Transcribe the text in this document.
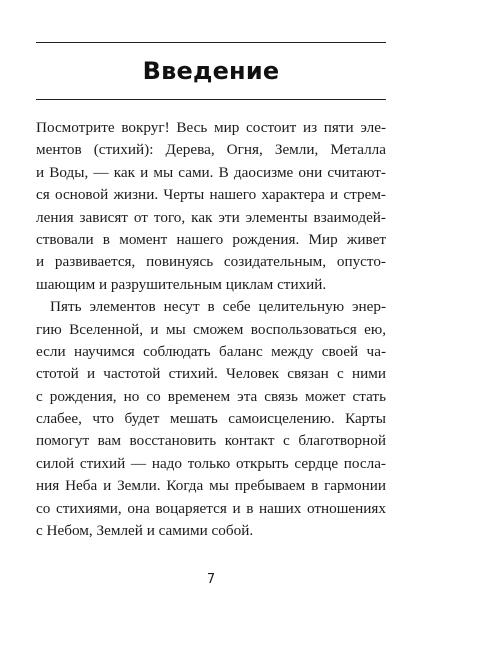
Введение
Посмотрите вокруг! Весь мир состоит из пяти эле-
ментов (стихий): Дерева, Огня, Земли, Металла
и Воды, — как и мы сами. В даосизме они считают-
ся основой жизни. Черты нашего характера и стрем-
ления зависят от того, как эти элементы взаимодей-
ствовали в момент нашего рождения. Мир живет
и развивается, повинуясь созидательным, опусто-
шающим и разрушительным циклам стихий.
Пять элементов несут в себе целительную энер-
гию Вселенной, и мы сможем воспользоваться ею,
если научимся соблюдать баланс между своей ча-
стотой и частотой стихий. Человек связан с ними
с рождения, но со временем эта связь может стать
слабее, что будет мешать самоисцелению. Карты
помогут вам восстановить контакт с благотворной
силой стихий — надо только открыть сердце посла-
ния Неба и Земли. Когда мы пребываем в гармонии
со стихиями, она воцаряется и в наших отношениях
с Небом, Землей и самими собой.
7
